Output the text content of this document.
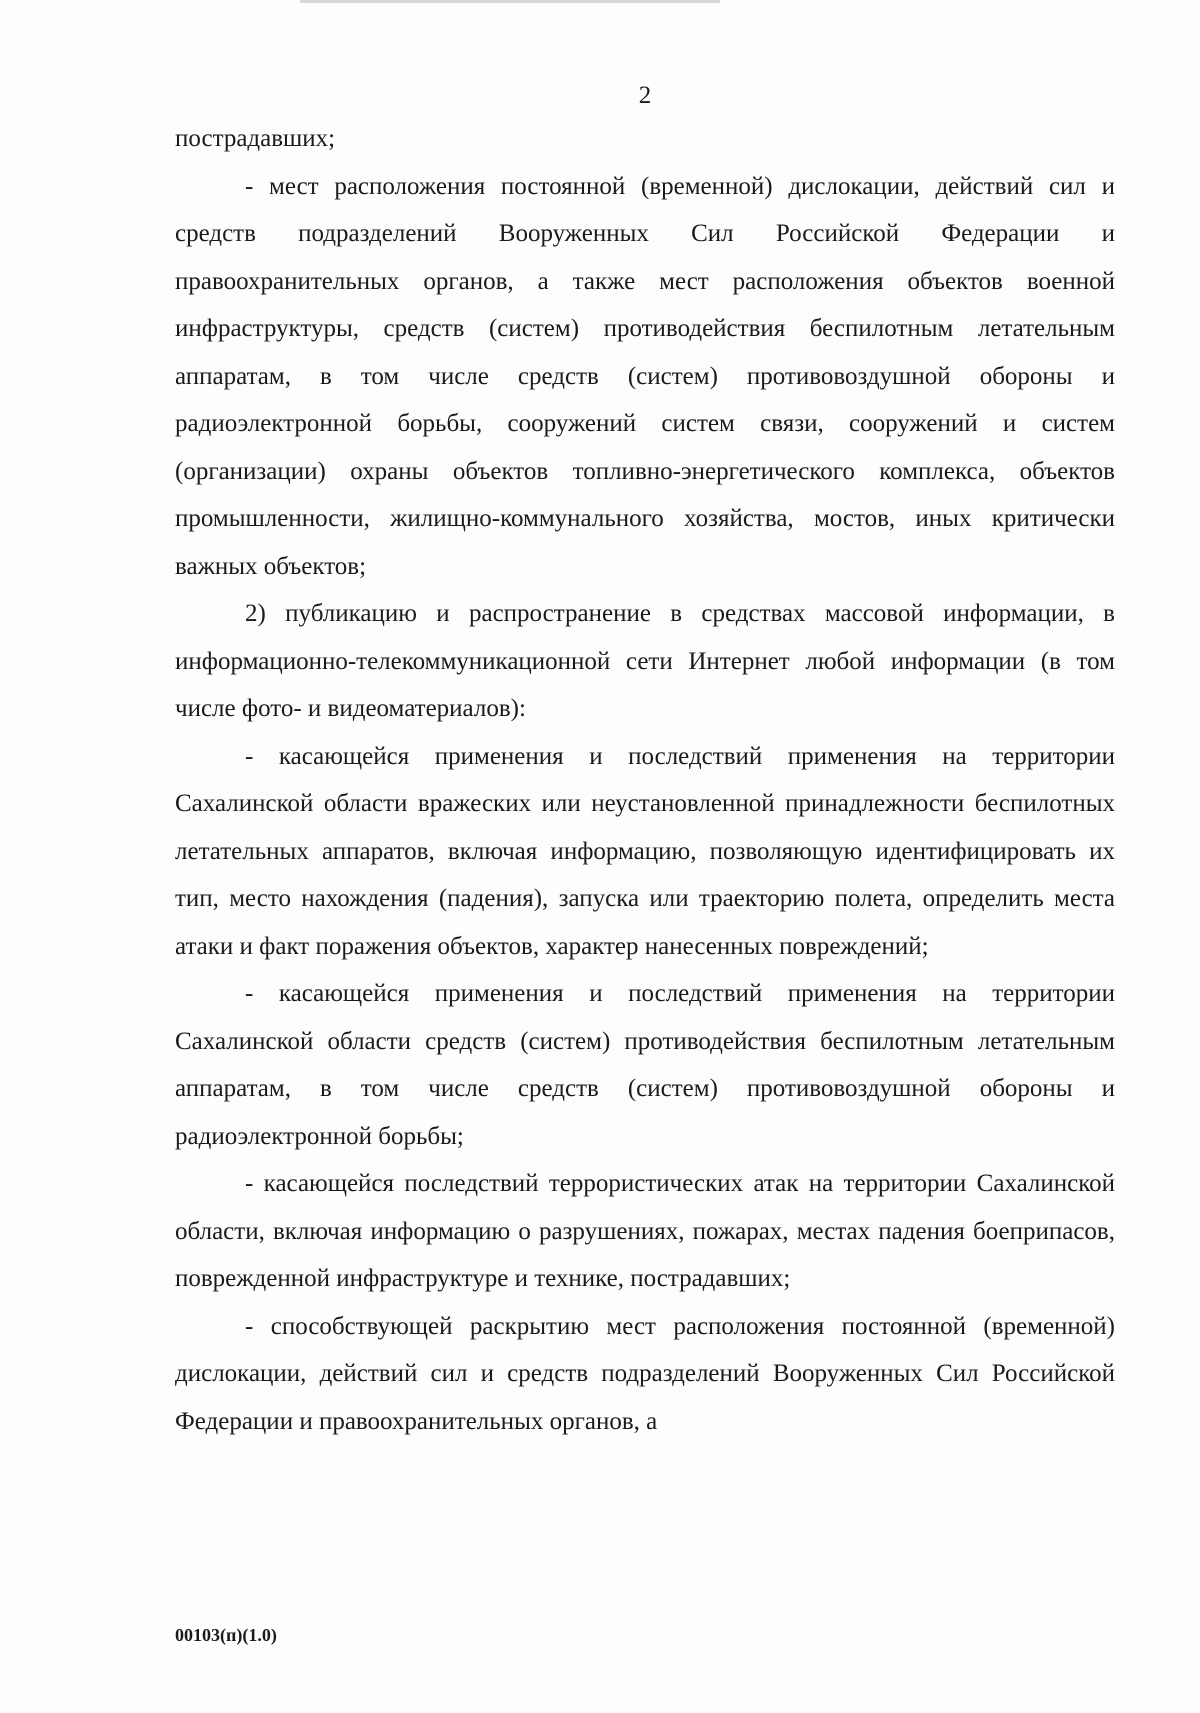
2

пострадавших;

- мест расположения постоянной (временной) дислокации, действий сил и средств подразделений Вооруженных Сил Российской Федерации и правоохранительных органов, а также мест расположения объектов военной инфраструктуры, средств (систем) противодействия беспилотным летательным аппаратам, в том числе средств (систем) противовоздушной обороны и радиоэлектронной борьбы, сооружений систем связи, сооружений и систем (организации) охраны объектов топливно-энергетического комплекса, объектов промышленности, жилищно-коммунального хозяйства, мостов, иных критически важных объектов;

2) публикацию и распространение в средствах массовой информации, в информационно-телекоммуникационной сети Интернет любой информации (в том числе фото- и видеоматериалов):

- касающейся применения и последствий применения на территории Сахалинской области вражеских или неустановленной принадлежности беспилотных летательных аппаратов, включая информацию, позволяющую идентифицировать их тип, место нахождения (падения), запуска или траекторию полета, определить места атаки и факт поражения объектов, характер нанесенных повреждений;

- касающейся применения и последствий применения на территории Сахалинской области средств (систем) противодействия беспилотным летательным аппаратам, в том числе средств (систем) противовоздушной обороны и радиоэлектронной борьбы;

- касающейся последствий террористических атак на территории Сахалинской области, включая информацию о разрушениях, пожарах, местах падения боеприпасов, поврежденной инфраструктуре и технике, пострадавших;

- способствующей раскрытию мест расположения постоянной (временной) дислокации, действий сил и средств подразделений Вооруженных Сил Российской Федерации и правоохранительных органов, а

00103(п)(1.0)
